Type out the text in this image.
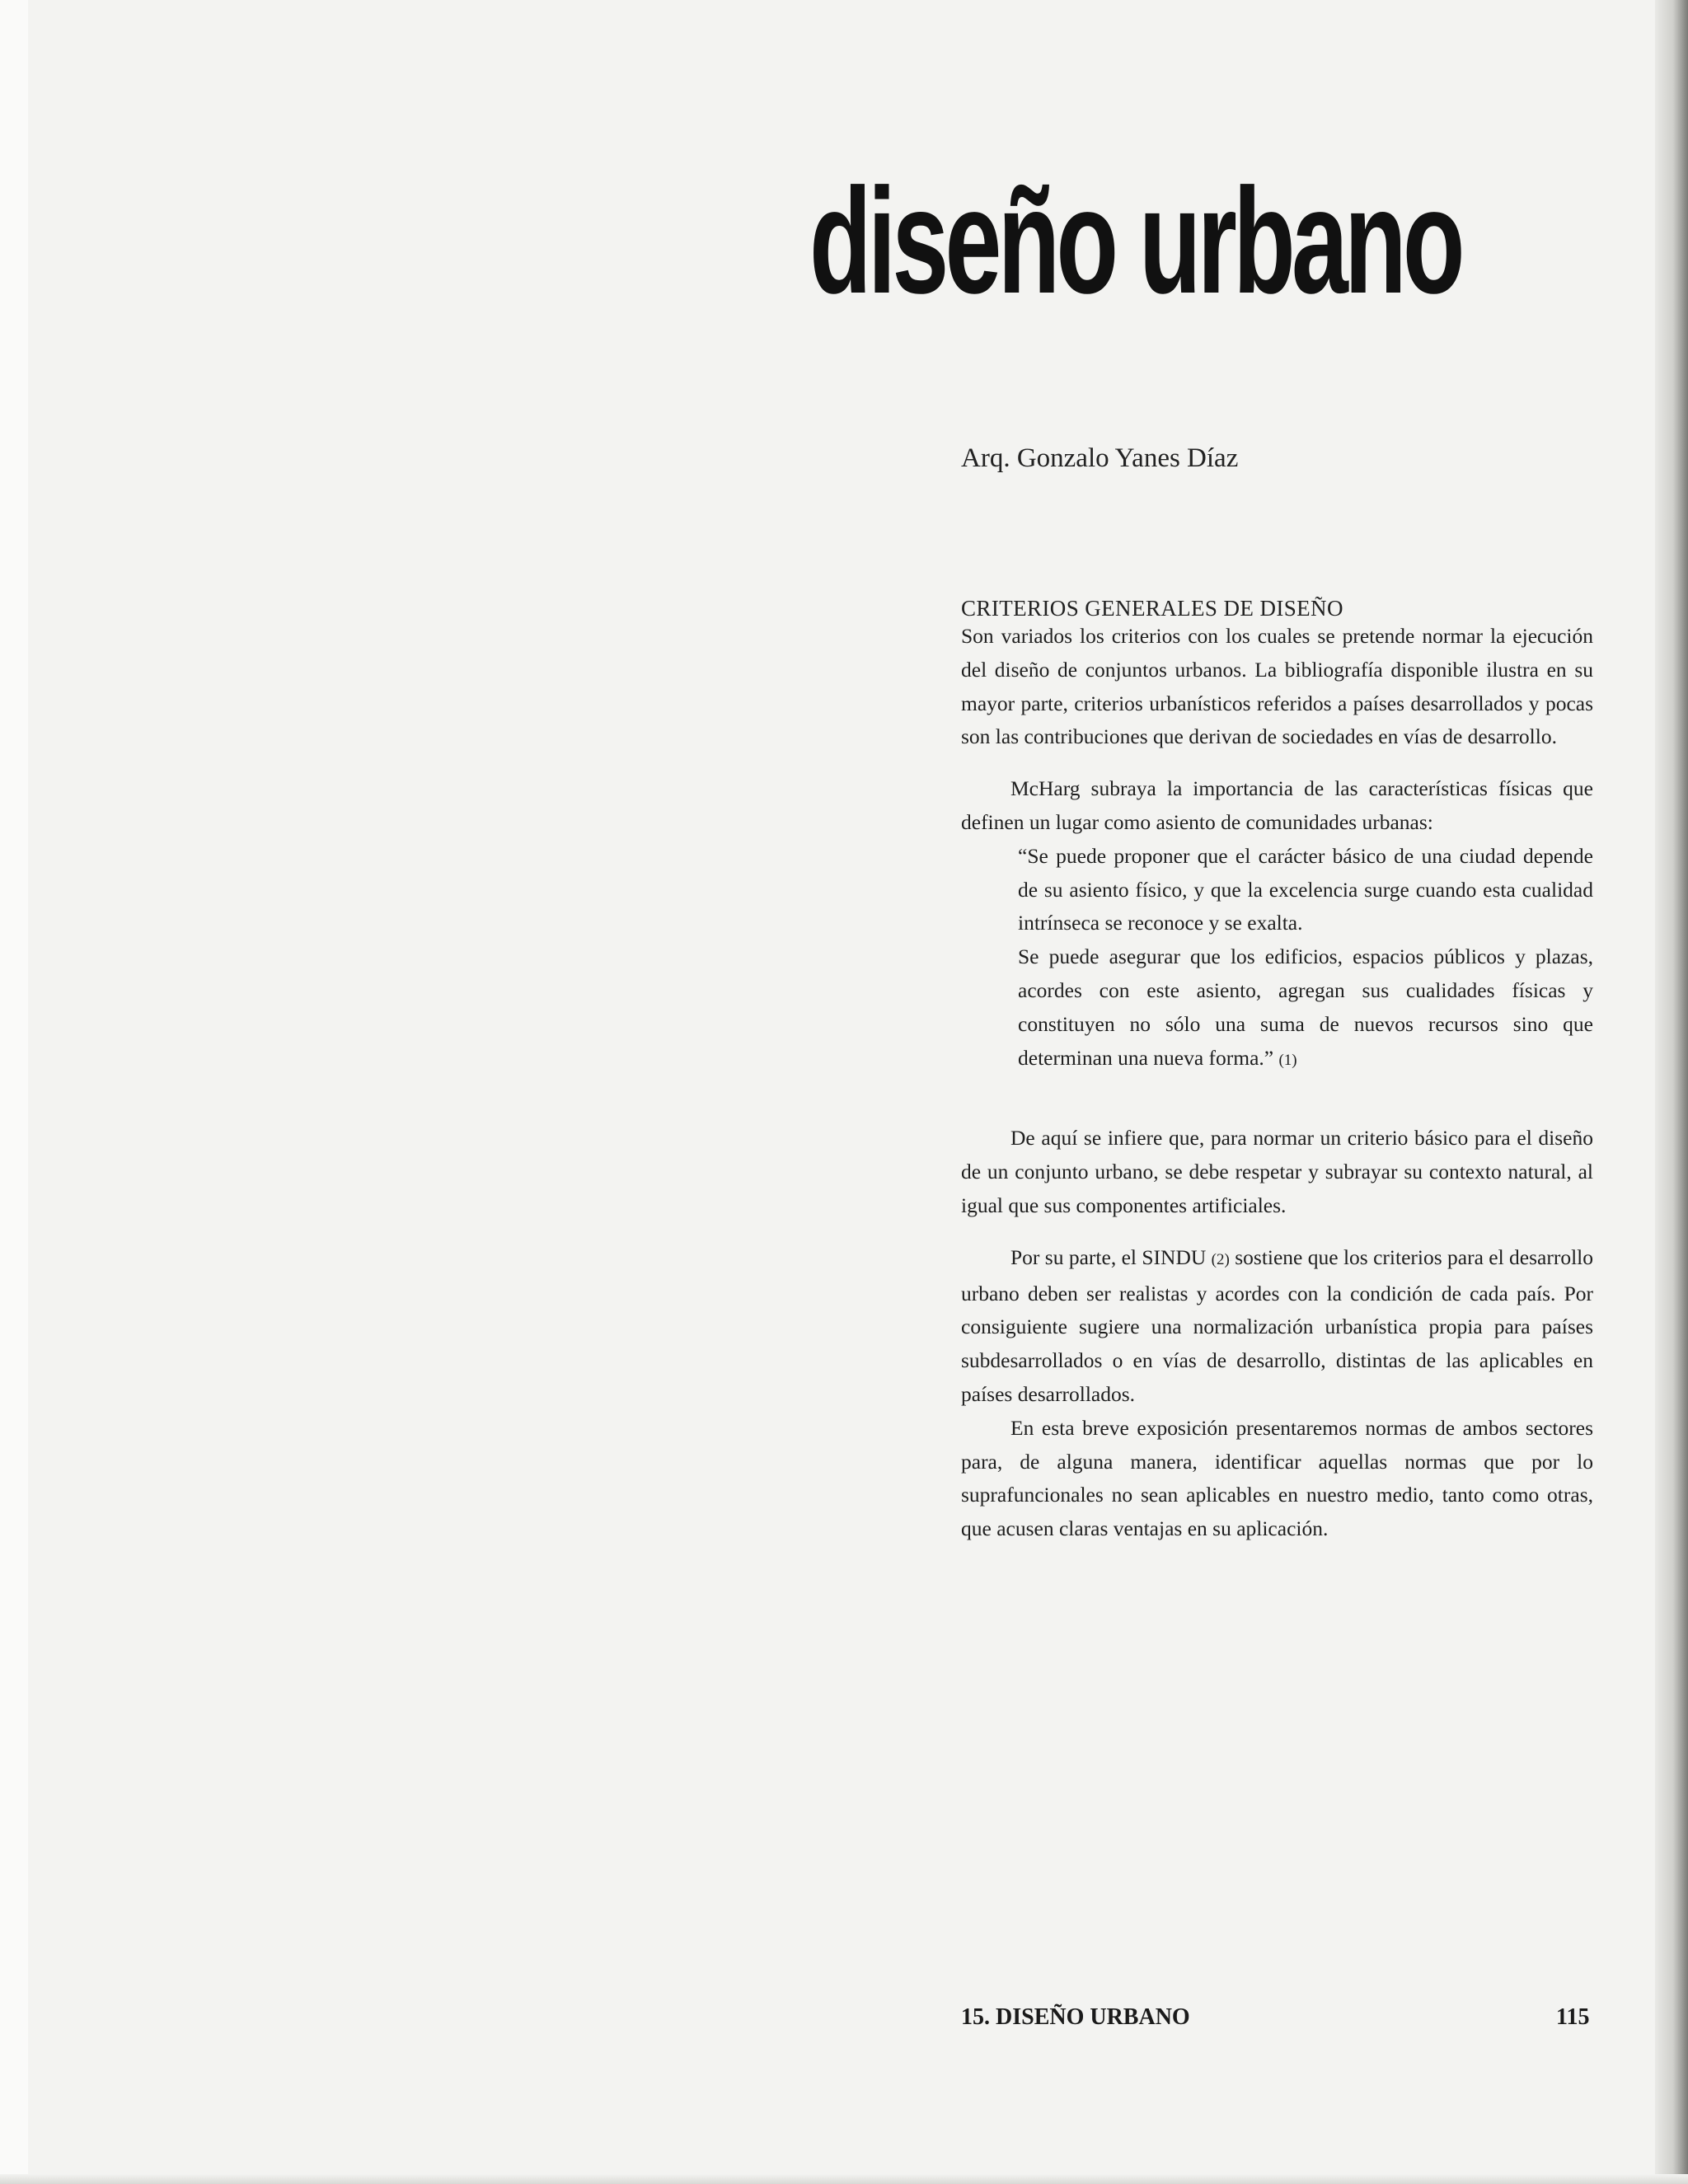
diseño urbano
Arq. Gonzalo Yanes Díaz
CRITERIOS GENERALES DE DISEÑO

Son variados los criterios con los cuales se pretende normar la ejecución del diseño de conjuntos urbanos. La bibliografía disponible ilustra en su mayor parte, criterios urbanísticos referidos a países desarrollados y pocas son las contribuciones que derivan de sociedades en vías de desarrollo.

McHarg subraya la importancia de las características físicas que definen un lugar como asiento de comunidades urbanas:

“Se puede proponer que el carácter básico de una ciudad depende de su asiento físico, y que la excelencia surge cuando esta cualidad intrínseca se reconoce y se exalta.

Se puede asegurar que los edificios, espacios públicos y plazas, acordes con este asiento, agregan sus cualidades físicas y constituyen no sólo una suma de nuevos recursos sino que determinan una nueva forma.” (1)

De aquí se infiere que, para normar un criterio básico para el diseño de un conjunto urbano, se debe respetar y subrayar su contexto natural, al igual que sus componentes artificiales.

Por su parte, el SINDU (2) sostiene que los criterios para el desarrollo urbano deben ser realistas y acordes con la condición de cada país. Por consiguiente sugiere una normalización urbanística propia para países subdesarrollados o en vías de desarrollo, distintas de las aplicables en países desarrollados.

En esta breve exposición presentaremos normas de ambos sectores para, de alguna manera, identificar aquellas normas que por lo suprafuncionales no sean aplicables en nuestro medio, tanto como otras, que acusen claras ventajas en su aplicación.

15. DISEÑO URBANO	115
